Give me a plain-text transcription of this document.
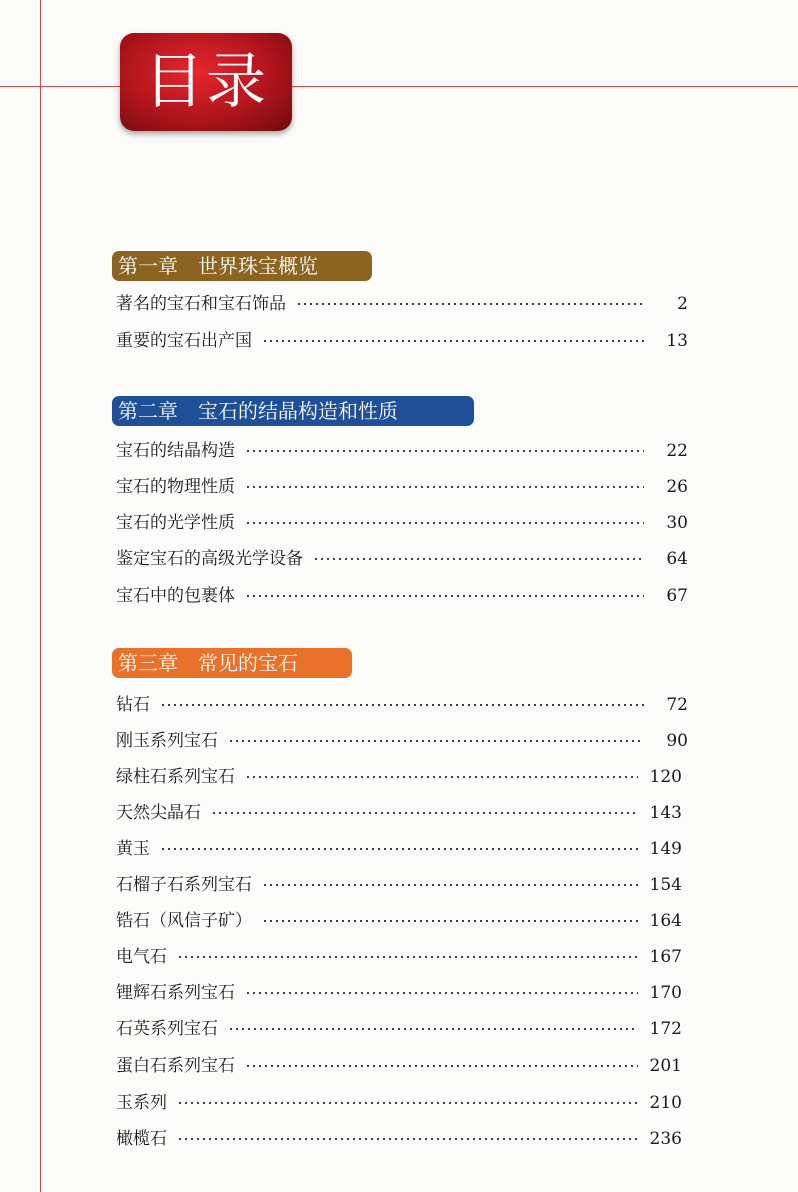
目录
第一章　世界珠宝概览
著名的宝石和宝石饰品	2
重要的宝石出产国	13
第二章　宝石的结晶构造和性质
宝石的结晶构造	22
宝石的物理性质	26
宝石的光学性质	30
鉴定宝石的高级光学设备	64
宝石中的包裹体	67
第三章　常见的宝石
钻石	72
刚玉系列宝石	90
绿柱石系列宝石	120
天然尖晶石	143
黄玉	149
石榴子石系列宝石	154
锆石（风信子矿）	164
电气石	167
锂辉石系列宝石	170
石英系列宝石	172
蛋白石系列宝石	201
玉系列	210
橄榄石	236
